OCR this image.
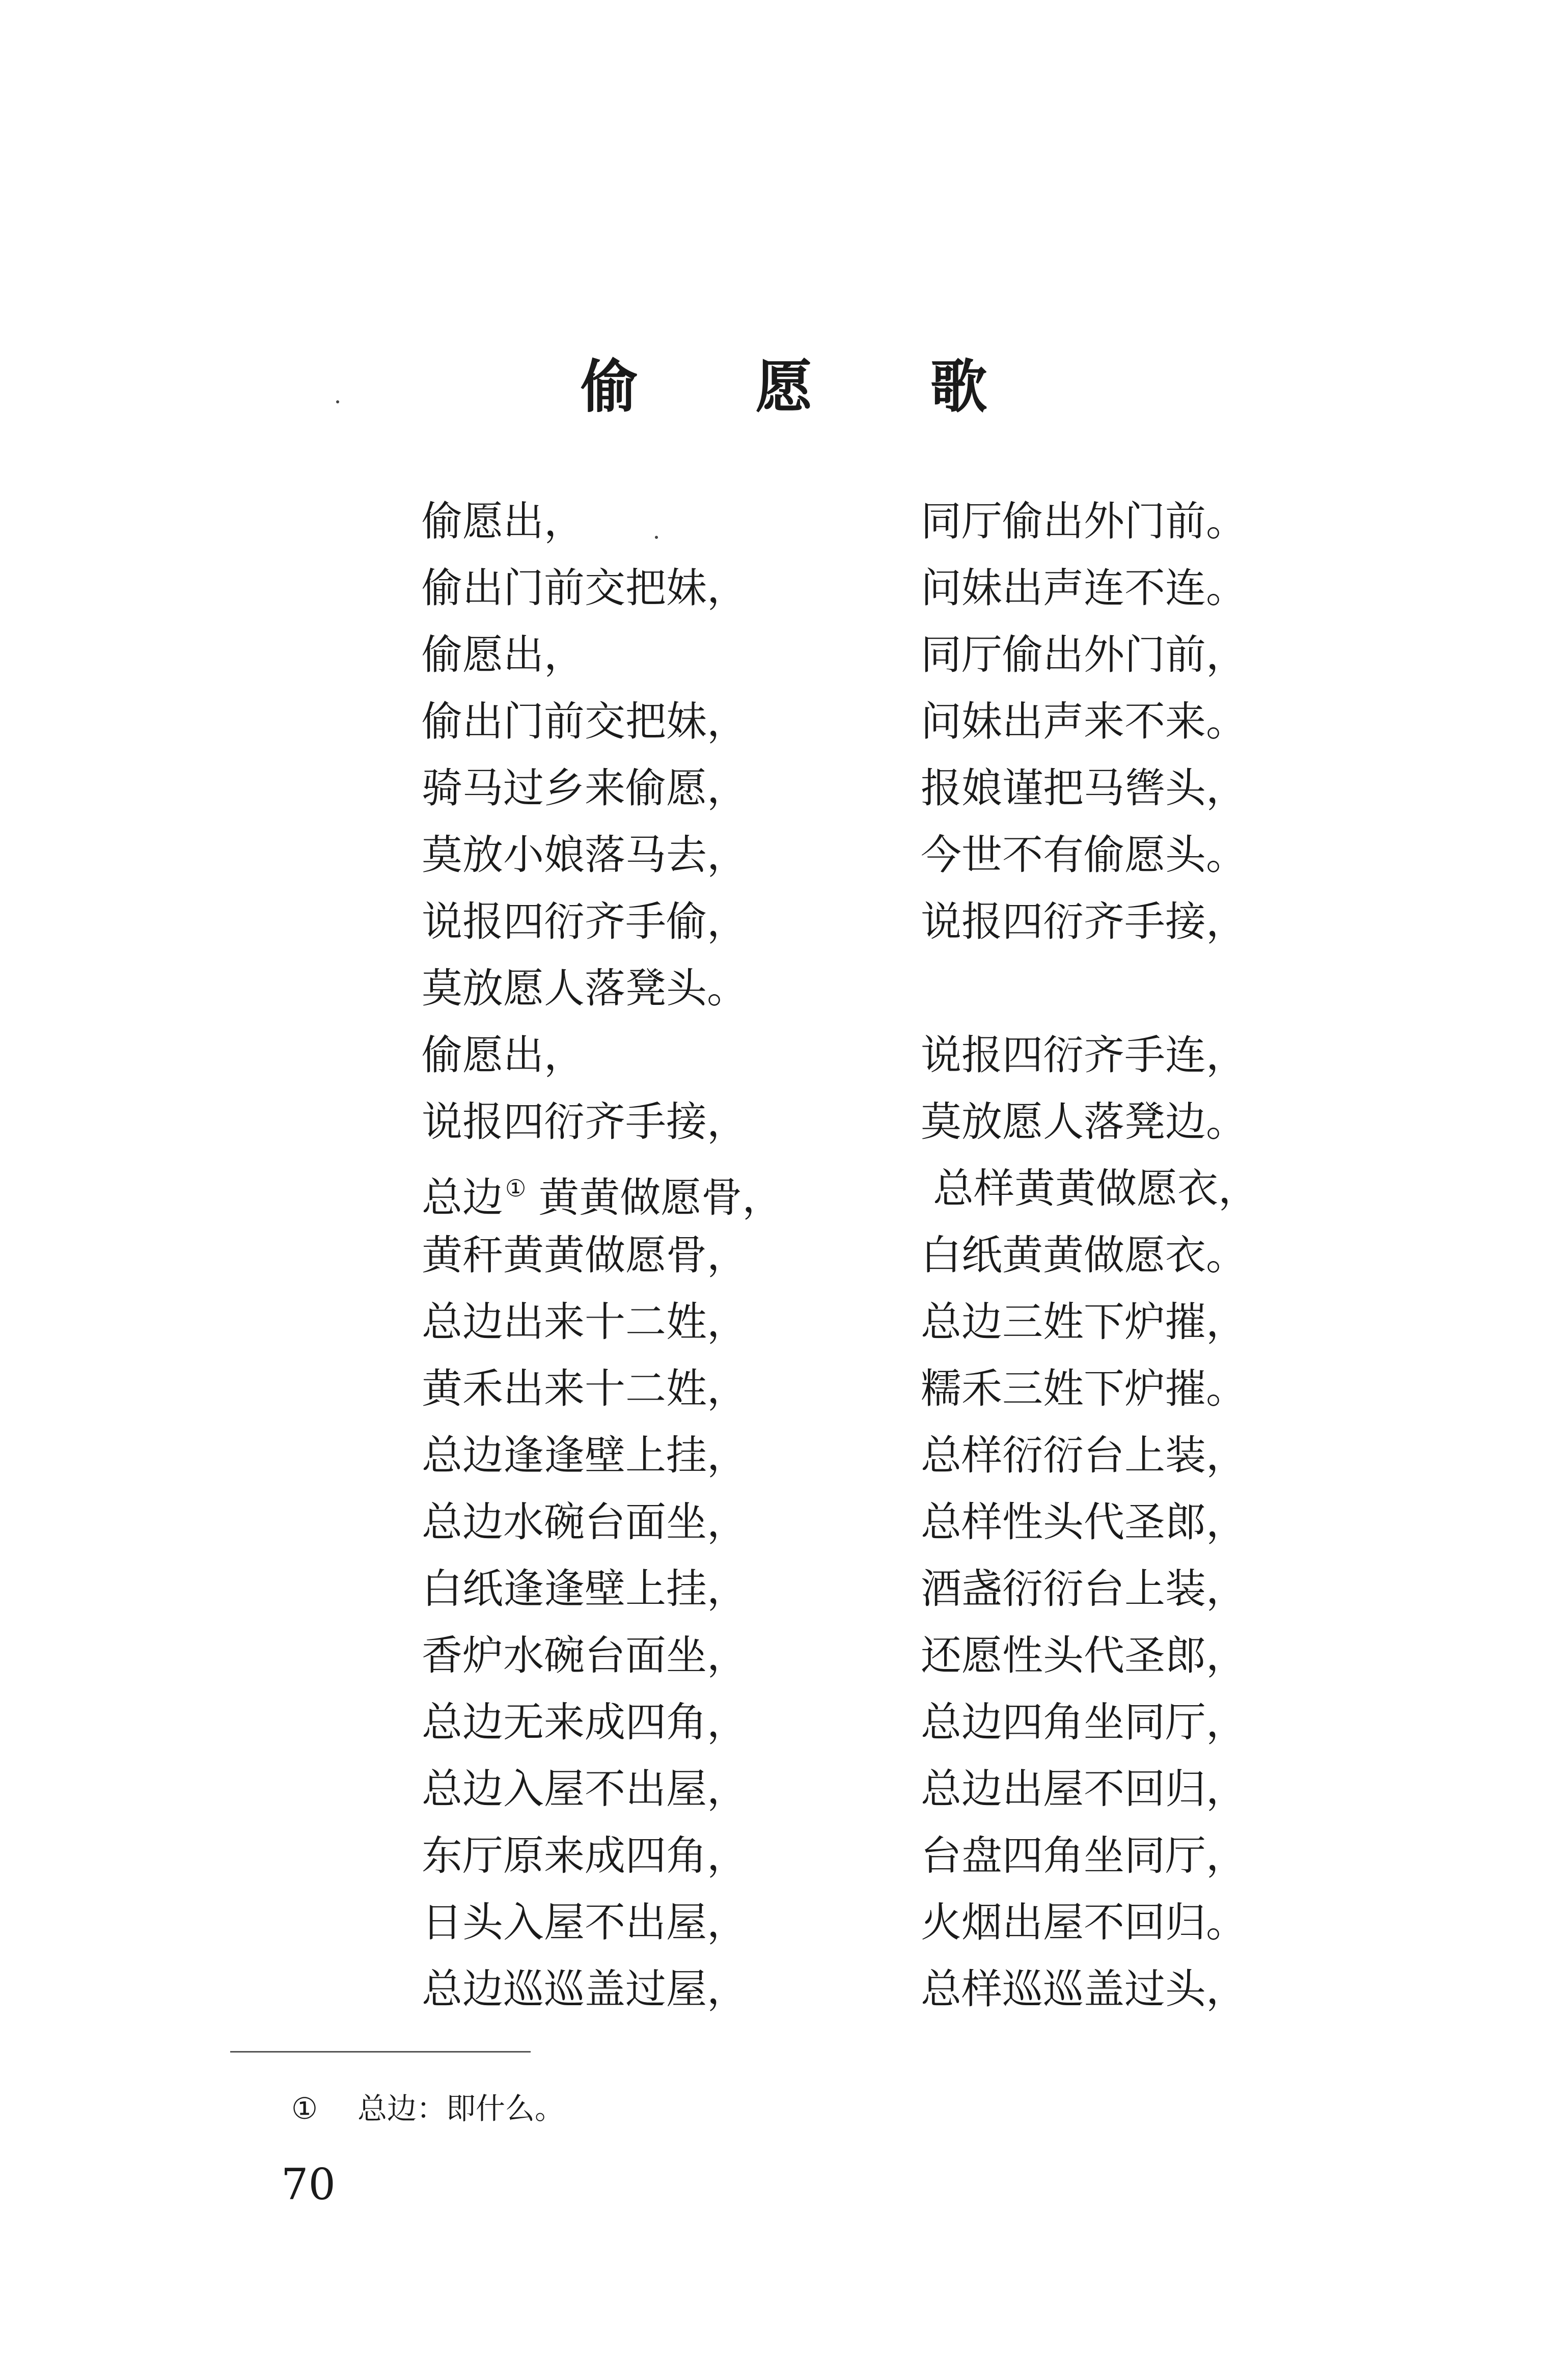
偷 愿 歌
偷愿出，	同厅偷出外门前。
偷出门前交把妹，	问妹出声连不连。
偷愿出，	同厅偷出外门前，
偷出门前交把妹，	问妹出声来不来。
骑马过乡来偷愿，	报娘谨把马辔头，
莫放小娘落马去，	今世不有偷愿头。
说报四衍齐手偷，	说报四衍齐手接，
莫放愿人落凳头。
偷愿出，	说报四衍齐手连，
说报四衍齐手接，	莫放愿人落凳边。
总边① 黄黄做愿骨，	总样黄黄做愿衣，
黄秆黄黄做愿骨，	白纸黄黄做愿衣。
总边出来十二姓，	总边三姓下炉摧，
黄禾出来十二姓，	糯禾三姓下炉摧。
总边逢逢壁上挂，	总样衍衍台上装，
总边水碗台面坐，	总样性头代圣郎，
白纸逢逢壁上挂，	酒盏衍衍台上装，
香炉水碗台面坐，	还愿性头代圣郎，
总边无来成四角，	总边四角坐同厅，
总边入屋不出屋，	总边出屋不回归，
东厅原来成四角，	台盘四角坐同厅，
日头入屋不出屋，	火烟出屋不回归。
总边巡巡盖过屋，	总样巡巡盖过头，
① 总边：即什么。
70
